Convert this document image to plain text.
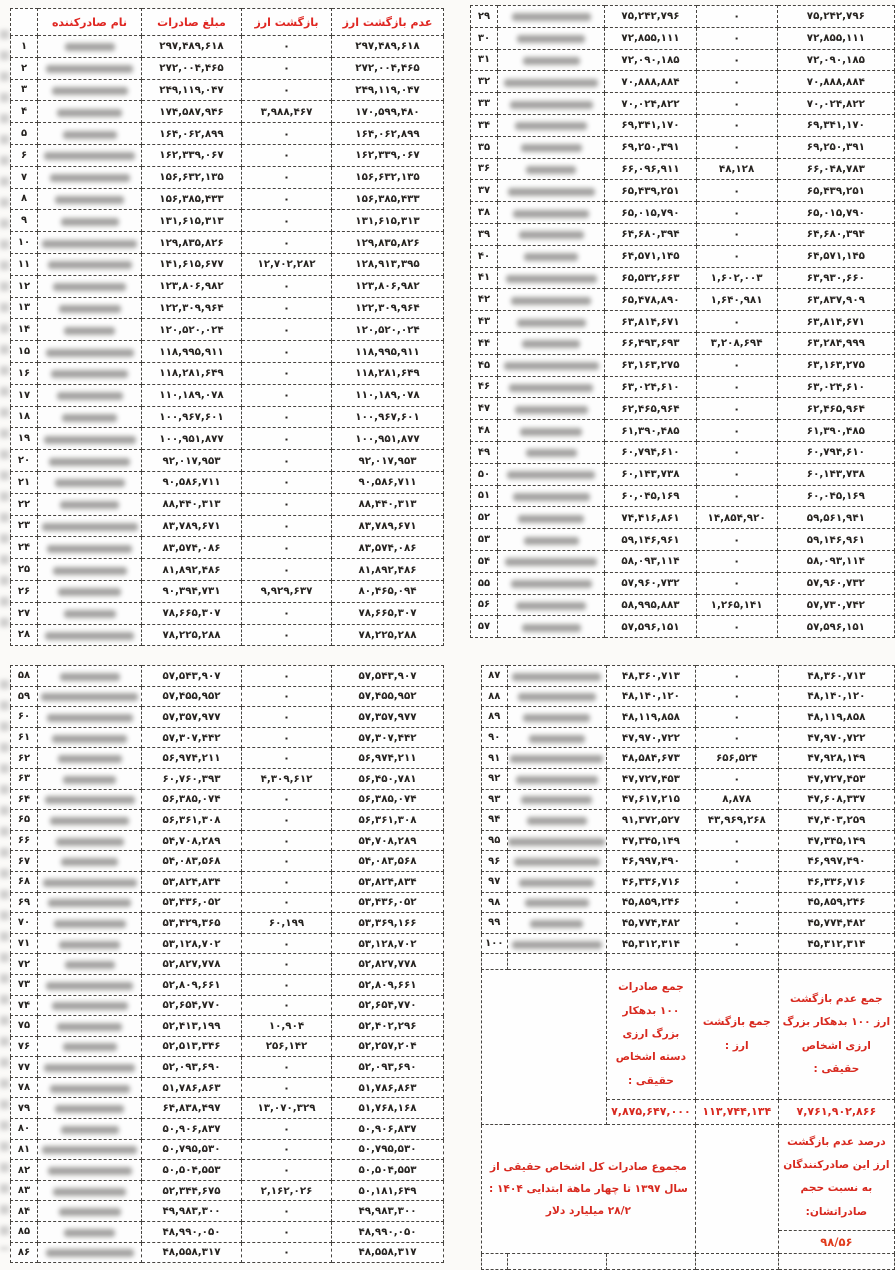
	نام صادرکننده	مبلغ صادرات	بازگشت ارز	عدم بازگشت ارز
۱		۲۹۷,۴۸۹,۶۱۸	۰	۲۹۷,۴۸۹,۶۱۸
۲		۲۷۲,۰۰۴,۴۶۵	۰	۲۷۲,۰۰۴,۴۶۵
۳		۲۴۹,۱۱۹,۰۴۷	۰	۲۴۹,۱۱۹,۰۴۷
۴		۱۷۴,۵۸۷,۹۴۶	۳,۹۸۸,۴۶۷	۱۷۰,۵۹۹,۴۸۰
۵		۱۶۴,۰۶۲,۸۹۹	۰	۱۶۴,۰۶۲,۸۹۹
۶		۱۶۲,۳۳۹,۰۶۷	۰	۱۶۲,۳۳۹,۰۶۷
۷		۱۵۶,۶۳۲,۱۳۵	۰	۱۵۶,۶۳۲,۱۳۵
۸		۱۵۶,۳۸۵,۴۳۳	۰	۱۵۶,۳۸۵,۴۳۳
۹		۱۳۱,۶۱۵,۳۱۳	۰	۱۳۱,۶۱۵,۳۱۳
۱۰		۱۲۹,۸۳۵,۸۲۶	۰	۱۲۹,۸۳۵,۸۲۶
۱۱		۱۴۱,۶۱۵,۶۷۷	۱۲,۷۰۲,۲۸۲	۱۲۸,۹۱۳,۳۹۵
۱۲		۱۲۳,۸۰۶,۹۸۲	۰	۱۲۳,۸۰۶,۹۸۲
۱۳		۱۲۲,۳۰۹,۹۶۴	۰	۱۲۲,۳۰۹,۹۶۴
۱۴		۱۲۰,۵۲۰,۰۲۴	۰	۱۲۰,۵۲۰,۰۲۴
۱۵		۱۱۸,۹۹۵,۹۱۱	۰	۱۱۸,۹۹۵,۹۱۱
۱۶		۱۱۸,۲۸۱,۶۴۹	۰	۱۱۸,۲۸۱,۶۴۹
۱۷		۱۱۰,۱۸۹,۰۷۸	۰	۱۱۰,۱۸۹,۰۷۸
۱۸		۱۰۰,۹۶۷,۶۰۱	۰	۱۰۰,۹۶۷,۶۰۱
۱۹		۱۰۰,۹۵۱,۸۷۷	۰	۱۰۰,۹۵۱,۸۷۷
۲۰		۹۲,۰۱۷,۹۵۳	۰	۹۲,۰۱۷,۹۵۳
۲۱		۹۰,۵۸۶,۷۱۱	۰	۹۰,۵۸۶,۷۱۱
۲۲		۸۸,۴۴۰,۳۱۳	۰	۸۸,۴۴۰,۳۱۳
۲۳		۸۳,۷۸۹,۶۷۱	۰	۸۳,۷۸۹,۶۷۱
۲۴		۸۳,۵۷۴,۰۸۶	۰	۸۳,۵۷۴,۰۸۶
۲۵		۸۱,۸۹۲,۴۸۶	۰	۸۱,۸۹۲,۴۸۶
۲۶		۹۰,۳۹۴,۷۳۱	۹,۹۲۹,۶۳۷	۸۰,۴۶۵,۰۹۴
۲۷		۷۸,۶۶۵,۳۰۷	۰	۷۸,۶۶۵,۳۰۷
۲۸		۷۸,۲۲۵,۲۸۸	۰	۷۸,۲۲۵,۲۸۸
۲۹		۷۵,۲۴۲,۷۹۶	۰	۷۵,۲۴۲,۷۹۶
۳۰		۷۲,۸۵۵,۱۱۱	۰	۷۲,۸۵۵,۱۱۱
۳۱		۷۲,۰۹۰,۱۸۵	۰	۷۲,۰۹۰,۱۸۵
۳۲		۷۰,۸۸۸,۸۸۴	۰	۷۰,۸۸۸,۸۸۴
۳۳		۷۰,۰۲۴,۸۲۲	۰	۷۰,۰۲۴,۸۲۲
۳۴		۶۹,۳۴۱,۱۷۰	۰	۶۹,۳۴۱,۱۷۰
۳۵		۶۹,۲۵۰,۳۹۱	۰	۶۹,۲۵۰,۳۹۱
۳۶		۶۶,۰۹۶,۹۱۱	۴۸,۱۲۸	۶۶,۰۴۸,۷۸۳
۳۷		۶۵,۴۳۹,۲۵۱	۰	۶۵,۴۳۹,۲۵۱
۳۸		۶۵,۰۱۵,۷۹۰	۰	۶۵,۰۱۵,۷۹۰
۳۹		۶۴,۶۸۰,۳۹۴	۰	۶۴,۶۸۰,۳۹۴
۴۰		۶۴,۵۷۱,۱۴۵	۰	۶۴,۵۷۱,۱۴۵
۴۱		۶۵,۵۳۲,۶۶۳	۱,۶۰۲,۰۰۳	۶۳,۹۳۰,۶۶۰
۴۲		۶۵,۴۷۸,۸۹۰	۱,۶۴۰,۹۸۱	۶۳,۸۳۷,۹۰۹
۴۳		۶۳,۸۱۴,۶۷۱	۰	۶۳,۸۱۴,۶۷۱
۴۴		۶۶,۴۹۳,۶۹۳	۳,۲۰۸,۶۹۴	۶۳,۲۸۴,۹۹۹
۴۵		۶۳,۱۶۳,۲۷۵	۰	۶۳,۱۶۳,۲۷۵
۴۶		۶۳,۰۲۴,۶۱۰	۰	۶۳,۰۲۴,۶۱۰
۴۷		۶۲,۴۶۵,۹۶۴	۰	۶۲,۴۶۵,۹۶۴
۴۸		۶۱,۳۹۰,۴۸۵	۰	۶۱,۳۹۰,۴۸۵
۴۹		۶۰,۷۹۴,۶۱۰	۰	۶۰,۷۹۴,۶۱۰
۵۰		۶۰,۱۴۳,۷۳۸	۰	۶۰,۱۴۳,۷۳۸
۵۱		۶۰,۰۴۵,۱۶۹	۰	۶۰,۰۴۵,۱۶۹
۵۲		۷۴,۴۱۶,۸۶۱	۱۴,۸۵۴,۹۲۰	۵۹,۵۶۱,۹۴۱
۵۳		۵۹,۱۴۶,۹۶۱	۰	۵۹,۱۴۶,۹۶۱
۵۴		۵۸,۰۹۳,۱۱۴	۰	۵۸,۰۹۳,۱۱۴
۵۵		۵۷,۹۶۰,۷۳۲	۰	۵۷,۹۶۰,۷۳۲
۵۶		۵۸,۹۹۵,۸۸۳	۱,۲۶۵,۱۴۱	۵۷,۷۳۰,۷۴۲
۵۷		۵۷,۵۹۶,۱۵۱	۰	۵۷,۵۹۶,۱۵۱
۵۸		۵۷,۵۴۳,۹۰۷	۰	۵۷,۵۴۳,۹۰۷
۵۹		۵۷,۴۵۵,۹۵۲	۰	۵۷,۴۵۵,۹۵۲
۶۰		۵۷,۳۵۷,۹۷۷	۰	۵۷,۳۵۷,۹۷۷
۶۱		۵۷,۳۰۷,۴۴۲	۰	۵۷,۳۰۷,۴۴۲
۶۲		۵۶,۹۷۴,۲۱۱	۰	۵۶,۹۷۴,۲۱۱
۶۳		۶۰,۷۶۰,۳۹۳	۴,۳۰۹,۶۱۲	۵۶,۴۵۰,۷۸۱
۶۴		۵۶,۳۸۵,۰۷۴	۰	۵۶,۳۸۵,۰۷۴
۶۵		۵۶,۳۶۱,۳۰۸	۰	۵۶,۳۶۱,۳۰۸
۶۶		۵۴,۷۰۸,۲۸۹	۰	۵۴,۷۰۸,۲۸۹
۶۷		۵۴,۰۸۳,۵۶۸	۰	۵۴,۰۸۳,۵۶۸
۶۸		۵۳,۸۲۴,۸۳۴	۰	۵۳,۸۲۴,۸۳۴
۶۹		۵۳,۴۳۶,۰۵۲	۰	۵۳,۴۳۶,۰۵۲
۷۰		۵۳,۴۲۹,۳۶۵	۶۰,۱۹۹	۵۳,۳۶۹,۱۶۶
۷۱		۵۳,۱۲۸,۷۰۲	۰	۵۳,۱۲۸,۷۰۲
۷۲		۵۲,۸۲۷,۷۷۸	۰	۵۲,۸۲۷,۷۷۸
۷۳		۵۲,۸۰۹,۶۶۱	۰	۵۲,۸۰۹,۶۶۱
۷۴		۵۲,۶۵۴,۷۷۰	۰	۵۲,۶۵۴,۷۷۰
۷۵		۵۲,۴۱۳,۱۹۹	۱۰,۹۰۴	۵۲,۴۰۲,۲۹۶
۷۶		۵۲,۵۱۳,۳۴۶	۲۵۶,۱۴۲	۵۲,۲۵۷,۲۰۴
۷۷		۵۲,۰۹۳,۶۹۰	۰	۵۲,۰۹۳,۶۹۰
۷۸		۵۱,۷۸۶,۸۶۳	۰	۵۱,۷۸۶,۸۶۳
۷۹		۶۴,۸۳۸,۴۹۷	۱۳,۰۷۰,۳۲۹	۵۱,۷۶۸,۱۶۸
۸۰		۵۰,۹۰۶,۸۳۷	۰	۵۰,۹۰۶,۸۳۷
۸۱		۵۰,۷۹۵,۵۳۰	۰	۵۰,۷۹۵,۵۳۰
۸۲		۵۰,۵۰۴,۵۵۳	۰	۵۰,۵۰۴,۵۵۳
۸۳		۵۲,۳۴۴,۶۷۵	۲,۱۶۲,۰۲۶	۵۰,۱۸۱,۶۴۹
۸۴		۴۹,۹۸۳,۳۰۰	۰	۴۹,۹۸۳,۳۰۰
۸۵		۴۸,۹۹۰,۰۵۰	۰	۴۸,۹۹۰,۰۵۰
۸۶		۴۸,۵۵۸,۳۱۷	۰	۴۸,۵۵۸,۳۱۷
۸۷		۴۸,۳۶۰,۷۱۳	۰	۴۸,۳۶۰,۷۱۳
۸۸		۴۸,۱۴۰,۱۲۰	۰	۴۸,۱۴۰,۱۲۰
۸۹		۴۸,۱۱۹,۸۵۸	۰	۴۸,۱۱۹,۸۵۸
۹۰		۴۷,۹۷۰,۷۲۲	۰	۴۷,۹۷۰,۷۲۲
۹۱		۴۸,۵۸۴,۶۷۳	۶۵۶,۵۲۴	۴۷,۹۲۸,۱۴۹
۹۲		۴۷,۷۲۷,۴۵۳	۰	۴۷,۷۲۷,۴۵۳
۹۳		۴۷,۶۱۷,۲۱۵	۸,۸۷۸	۴۷,۶۰۸,۳۳۷
۹۴		۹۱,۳۷۲,۵۲۷	۴۳,۹۶۹,۲۶۸	۴۷,۴۰۳,۲۵۹
۹۵		۴۷,۳۴۵,۱۴۹	۰	۴۷,۳۴۵,۱۴۹
۹۶		۴۶,۹۹۷,۴۹۰	۰	۴۶,۹۹۷,۴۹۰
۹۷		۴۶,۳۳۶,۷۱۶	۰	۴۶,۳۳۶,۷۱۶
۹۸		۴۵,۸۵۹,۲۴۶	۰	۴۵,۸۵۹,۲۴۶
۹۹		۴۵,۷۷۴,۴۸۲	۰	۴۵,۷۷۴,۴۸۲
۱۰۰		۴۵,۳۱۲,۳۱۴	۰	۴۵,۳۱۲,۳۱۴

		جمع صادرات ۱۰۰ بدهکار بزرگ ارزی دسته اشخاص حقیقی :	جمع بازگشت ارز :	جمع عدم بازگشت ارز ۱۰۰ بدهکار بزرگ ارزی اشخاص حقیقی :
		۷,۸۷۵,۶۴۷,۰۰۰	۱۱۳,۷۴۴,۱۳۴	۷,۷۶۱,۹۰۲,۸۶۶
مجموع صادرات کل اشخاص حقیقی از سال ۱۳۹۷ تا چهار ماهة ابتدایی ۱۴۰۴ : ۲۸/۲ میلیارد دلار				درصد عدم بازگشت ارز این صادرکنندگان به نسبت حجم صادراتشان:
				۹۸/۵۶
